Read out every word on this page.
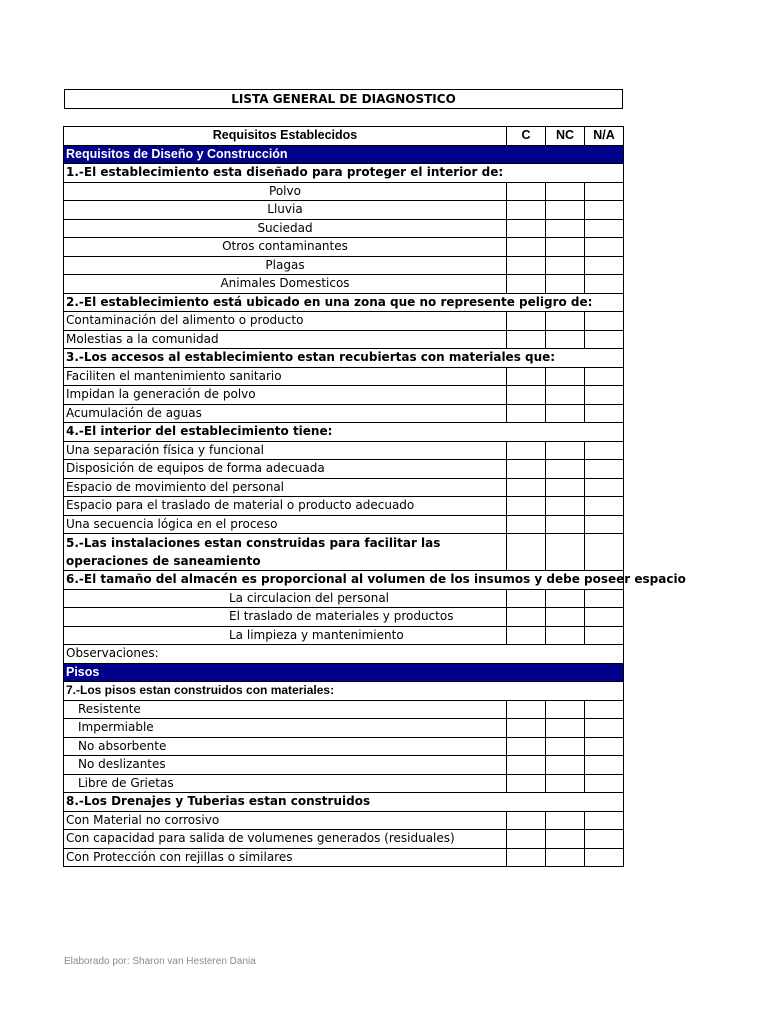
LISTA GENERAL DE DIAGNOSTICO
Requisitos Establecidos	C	NC	N/A
Requisitos de Diseño y Construcción			
1.-El establecimiento esta diseñado para proteger el interior de:			
Polvo			
Lluvia			
Suciedad			
Otros contaminantes			
Plagas			
Animales Domesticos			
2.-El establecimiento está ubicado en una zona que no represente peligro de:			
Contaminación del alimento o producto			
Molestias a la comunidad			
3.-Los accesos al establecimiento estan recubiertas con materiales que:			
Faciliten el mantenimiento sanitario			
Impidan la generación de polvo			
Acumulación de aguas			
4.-El interior del establecimiento tiene:			
Una separación física y funcional			
Disposición de equipos de forma adecuada			
Espacio de movimiento del personal			
Espacio para el traslado de material o producto adecuado			
Una secuencia lógica en el proceso			
5.-Las instalaciones estan construidas para facilitar las operaciones de saneamiento			
6.-El tamaño del almacén es proporcional al volumen de los insumos y debe poseer espacio			
La circulacion del personal			
El traslado de materiales y productos			
La limpieza y mantenimiento			
Observaciones:			
Pisos			
7.-Los pisos estan construidos con materiales:			
Resistente			
Impermiable			
No absorbente			
No deslizantes			
Libre de Grietas			
8.-Los Drenajes y Tuberias estan construidos			
Con Material no corrosivo			
Con capacidad para salida de volumenes generados (residuales)			
Con Protección con rejillas o similares			
Elaborado por: Sharon van Hesteren Dania
